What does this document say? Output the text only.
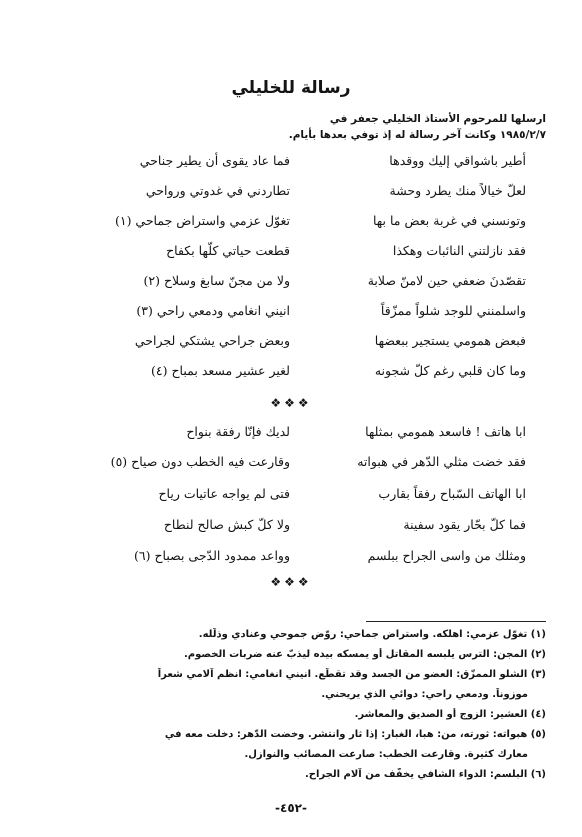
رسالة للخليلي
ارسلها للمرحوم الأستاذ الخليلي جعفر في
١٩٨٥/٢/٧ وكانت آخر رسالة له إذ توفي بعدها بأيام.
أطير باشواقي إليك ووقدها
فما عاد يقوى أن يطير جناحي
لعلّ خيالاً منك يطرد وحشة
تطاردني في غدوتي ورواحي
وتونسني في غربة بعض ما بها
تغوّل عزمي واستراض جماحي (١)
فقد نازلتني النائبات وهكذا
قطعت حياتي كلّها بكفاح
تقصّدنَ ضعفي حين لامنّ صلابة
ولا من مجنّ سابغ وسلاح (٢)
واسلمنني للوجد شلواً ممزّقاً
انيني انغامي ودمعي راحي (٣)
فبعض همومي يستجير ببعضها
وبعض جراحي يشتكي لجراحي
وما كان قلبي رغم كلّ شجونه
لغير عشير مسعد بمباح (٤)
❖❖❖
ابا هاتف ! فاسعد همومي بمثلها
لديك فإنّا رفقة بنواح
فقد خضت مثلي الدّهر في هبواته
وقارعت فيه الخطب دون صياح (٥)
ابا الهاتف السّباح رفقاً بقارب
فتى لم يواجه عاتيات رياح
فما كلّ بحّار يقود سفينة
ولا كلّ كبش صالح لنطاح
ومثلك من واسى الجراح ببلسم
وواعد ممدود الدّجى بصباح (٦)
❖❖❖
(١) تغوّل عزمي: اهلكه. واستراض جماحي: روّض جموحي وعنادي وذلّله.
(٢) المجن: الترس يلبسه المقاتل أو يمسكه بيده ليذبّ عنه ضربات الخصوم.
(٣) الشلو الممزّق: العضو من الجسد وقد تقطّع. انيني انغامي: انظم آلامي شعراً
موزوناً. ودمعي راحي: دوائي الذي يريحني.
(٤) العشير: الزوج أو الصديق والمعاشر.
(٥) هبواته: ثورته، من: هبا، الغبار: إذا ثار وانتشر. وخضت الدّهر: دخلت معه في
معارك كثيرة. وقارعت الخطب: صارعت المصائب والنوازل.
(٦) البلسم: الدواء الشافي يخفّف من آلام الجراح.
-٤٥٢-
